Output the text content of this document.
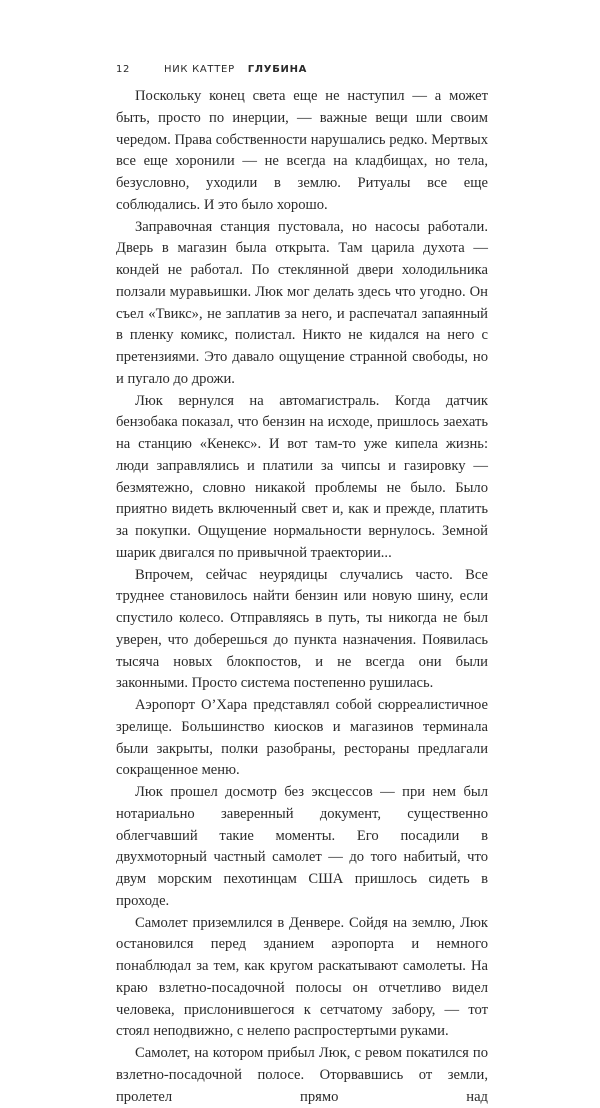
12	НИК КАТТЕР ГЛУБИНА

Поскольку конец света еще не наступил — а может быть, просто по инерции, — важные вещи шли своим чередом. Права собственности нарушались редко. Мертвых все еще хоронили — не всегда на кладбищах, но тела, безусловно, уходили в землю. Ритуалы все еще соблюдались. И это было хорошо.

Заправочная станция пустовала, но насосы работали. Дверь в магазин была открыта. Там царила духота — кондей не работал. По стеклянной двери холодильника ползали муравьишки. Люк мог делать здесь что угодно. Он съел «Твикс», не заплатив за него, и распечатал запаянный в пленку комикс, полистал. Никто не кидался на него с претензиями. Это давало ощущение странной свободы, но и пугало до дрожи.

Люк вернулся на автомагистраль. Когда датчик бензобака показал, что бензин на исходе, пришлось заехать на станцию «Кенекс». И вот там-то уже кипела жизнь: люди заправлялись и платили за чипсы и газировку — безмятежно, словно никакой проблемы не было. Было приятно видеть включенный свет и, как и прежде, платить за покупки. Ощущение нормальности вернулось. Земной шарик двигался по привычной траектории...

Впрочем, сейчас неурядицы случались часто. Все труднее становилось найти бензин или новую шину, если спустило колесо. Отправляясь в путь, ты никогда не был уверен, что доберешься до пункта назначения. Появилась тысяча новых блокпостов, и не всегда они были законными. Просто система постепенно рушилась.

Аэропорт О’Хара представлял собой сюрреалистичное зрелище. Большинство киосков и магазинов терминала были закрыты, полки разобраны, рестораны предлагали сокращенное меню.

Люк прошел досмотр без эксцессов — при нем был нотариально заверенный документ, существенно облегчавший такие моменты. Его посадили в двухмоторный частный самолет — до того набитый, что двум морским пехотинцам США пришлось сидеть в проходе.

Самолет приземлился в Денвере. Сойдя на землю, Люк остановился перед зданием аэропорта и немного понаблюдал за тем, как кругом раскатывают самолеты. На краю взлетно-посадочной полосы он отчетливо видел человека, прислонившегося к сетчатому забору, — тот стоял неподвижно, с нелепо распростертыми руками.

Самолет, на котором прибыл Люк, с ревом покатился по взлетно-посадочной полосе. Оторвавшись от земли, пролетел прямо над
